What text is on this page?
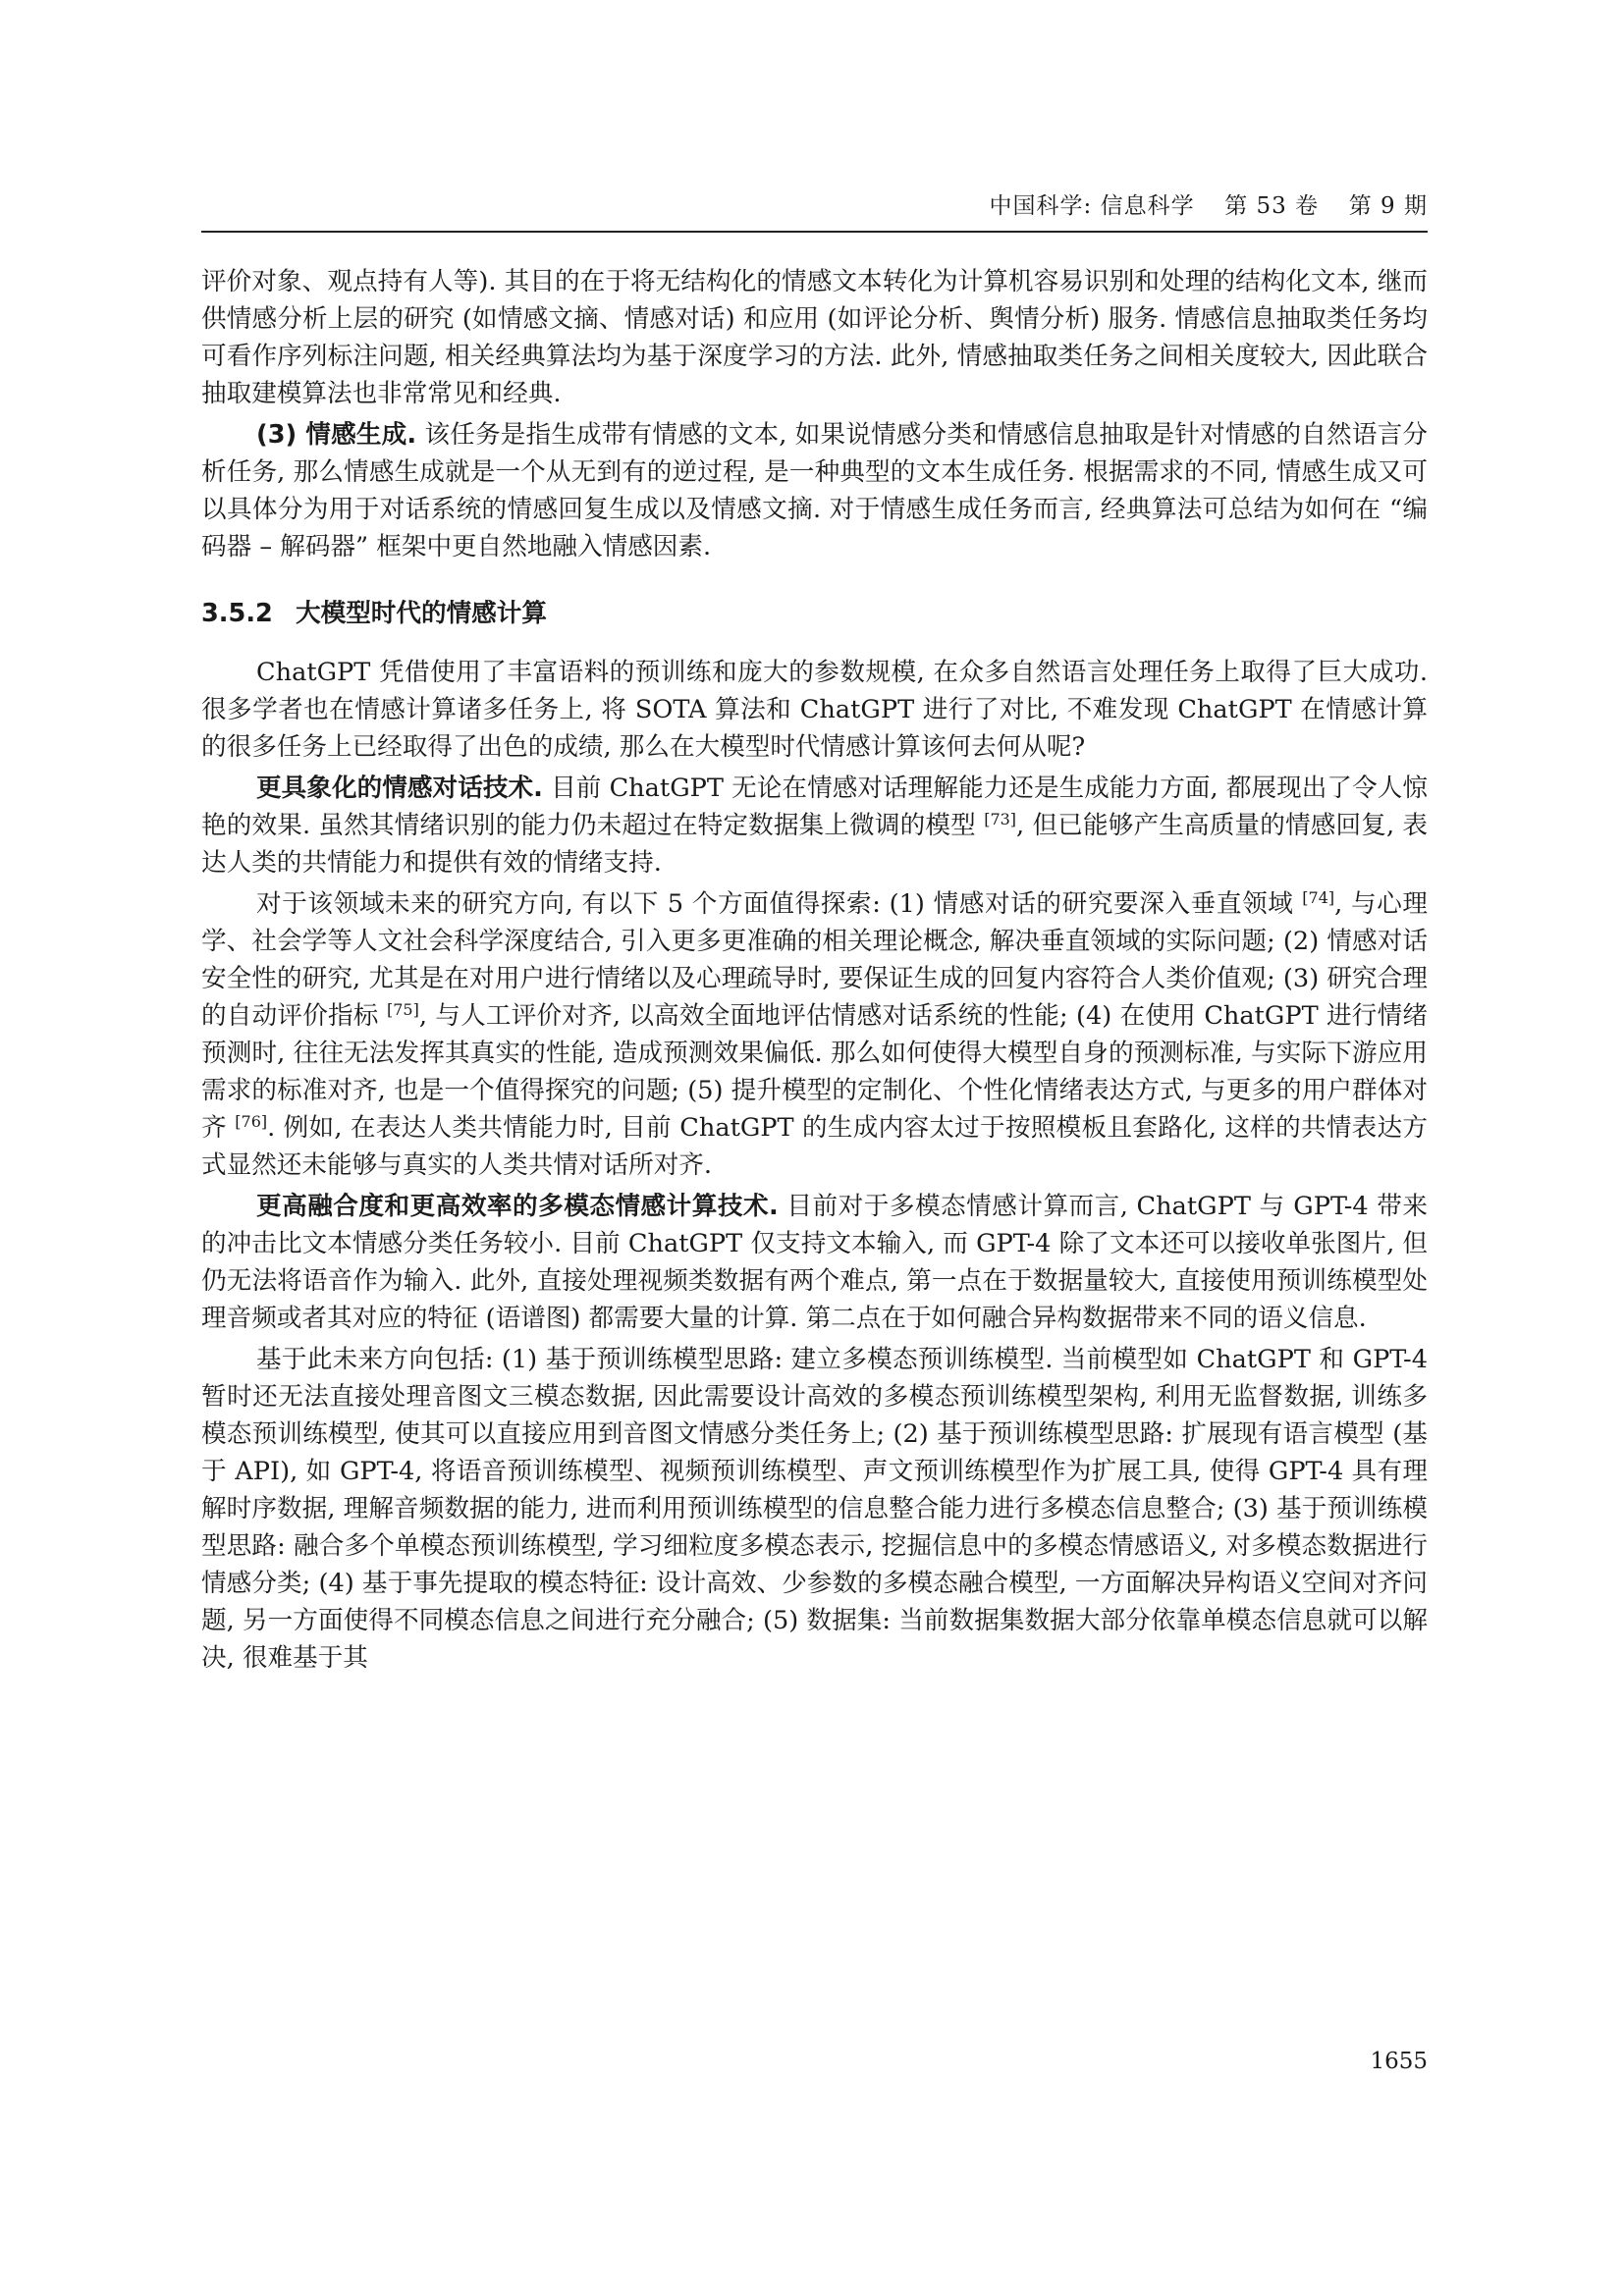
中国科学: 信息科学 第 53 卷 第 9 期

评价对象、观点持有人等). 其目的在于将无结构化的情感文本转化为计算机容易识别和处理的结构化文本, 继而供情感分析上层的研究 (如情感文摘、情感对话) 和应用 (如评论分析、舆情分析) 服务. 情感信息抽取类任务均可看作序列标注问题, 相关经典算法均为基于深度学习的方法. 此外, 情感抽取类任务之间相关度较大, 因此联合抽取建模算法也非常常见和经典.

(3) 情感生成. 该任务是指生成带有情感的文本, 如果说情感分类和情感信息抽取是针对情感的自然语言分析任务, 那么情感生成就是一个从无到有的逆过程, 是一种典型的文本生成任务. 根据需求的不同, 情感生成又可以具体分为用于对话系统的情感回复生成以及情感文摘. 对于情感生成任务而言, 经典算法可总结为如何在 “编码器 – 解码器” 框架中更自然地融入情感因素.

3.5.2 大模型时代的情感计算

ChatGPT 凭借使用了丰富语料的预训练和庞大的参数规模, 在众多自然语言处理任务上取得了巨大成功. 很多学者也在情感计算诸多任务上, 将 SOTA 算法和 ChatGPT 进行了对比, 不难发现 ChatGPT 在情感计算的很多任务上已经取得了出色的成绩, 那么在大模型时代情感计算该何去何从呢?

更具象化的情感对话技术. 目前 ChatGPT 无论在情感对话理解能力还是生成能力方面, 都展现出了令人惊艳的效果. 虽然其情绪识别的能力仍未超过在特定数据集上微调的模型 [73], 但已能够产生高质量的情感回复, 表达人类的共情能力和提供有效的情绪支持.

对于该领域未来的研究方向, 有以下 5 个方面值得探索: (1) 情感对话的研究要深入垂直领域 [74], 与心理学、社会学等人文社会科学深度结合, 引入更多更准确的相关理论概念, 解决垂直领域的实际问题; (2) 情感对话安全性的研究, 尤其是在对用户进行情绪以及心理疏导时, 要保证生成的回复内容符合人类价值观; (3) 研究合理的自动评价指标 [75], 与人工评价对齐, 以高效全面地评估情感对话系统的性能; (4) 在使用 ChatGPT 进行情绪预测时, 往往无法发挥其真实的性能, 造成预测效果偏低. 那么如何使得大模型自身的预测标准, 与实际下游应用需求的标准对齐, 也是一个值得探究的问题; (5) 提升模型的定制化、个性化情绪表达方式, 与更多的用户群体对齐 [76]. 例如, 在表达人类共情能力时, 目前 ChatGPT 的生成内容太过于按照模板且套路化, 这样的共情表达方式显然还未能够与真实的人类共情对话所对齐.

更高融合度和更高效率的多模态情感计算技术. 目前对于多模态情感计算而言, ChatGPT 与 GPT-4 带来的冲击比文本情感分类任务较小. 目前 ChatGPT 仅支持文本输入, 而 GPT-4 除了文本还可以接收单张图片, 但仍无法将语音作为输入. 此外, 直接处理视频类数据有两个难点, 第一点在于数据量较大, 直接使用预训练模型处理音频或者其对应的特征 (语谱图) 都需要大量的计算. 第二点在于如何融合异构数据带来不同的语义信息.

基于此未来方向包括: (1) 基于预训练模型思路: 建立多模态预训练模型. 当前模型如 ChatGPT 和 GPT-4 暂时还无法直接处理音图文三模态数据, 因此需要设计高效的多模态预训练模型架构, 利用无监督数据, 训练多模态预训练模型, 使其可以直接应用到音图文情感分类任务上; (2) 基于预训练模型思路: 扩展现有语言模型 (基于 API), 如 GPT-4, 将语音预训练模型、视频预训练模型、声文预训练模型作为扩展工具, 使得 GPT-4 具有理解时序数据, 理解音频数据的能力, 进而利用预训练模型的信息整合能力进行多模态信息整合; (3) 基于预训练模型思路: 融合多个单模态预训练模型, 学习细粒度多模态表示, 挖掘信息中的多模态情感语义, 对多模态数据进行情感分类; (4) 基于事先提取的模态特征: 设计高效、少参数的多模态融合模型, 一方面解决异构语义空间对齐问题, 另一方面使得不同模态信息之间进行充分融合; (5) 数据集: 当前数据集数据大部分依靠单模态信息就可以解决, 很难基于其

1655
